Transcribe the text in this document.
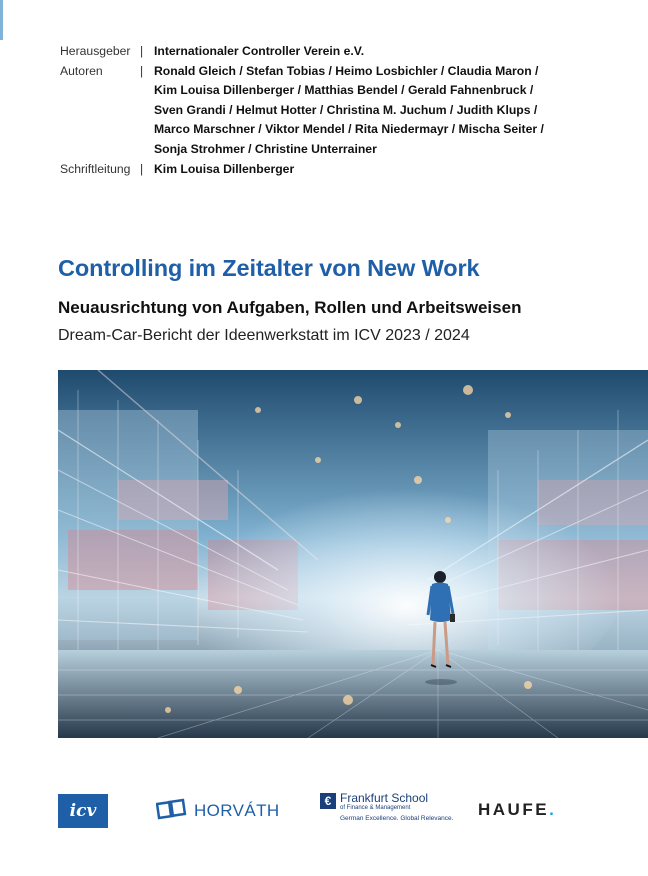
Herausgeber | Internationaler Controller Verein e.V.
Autoren	| Ronald Gleich / Stefan Tobias / Heimo Losbichler / Claudia Maron /
Kim Louisa Dillenberger / Matthias Bendel / Gerald Fahnenbruck /
Sven Grandi / Helmut Hotter / Christina M. Juchum / Judith Klups /
Marco Marschner / Viktor Mendel / Rita Niedermayr / Mischa Seiter /
Sonja Strohmer / Christine Unterrainer
Schriftleitung | Kim Louisa Dillenberger
Controlling im Zeitalter von New Work
Neuausrichtung von Aufgaben, Rollen und Arbeitsweisen

Dream-Car-Bericht der Ideenwerkstatt im ICV 2023 / 2024

icv	HORVÁTH	€ Frankfurt School
of Finance & Management
German Excellence. Global Relevance. HAUFE.
